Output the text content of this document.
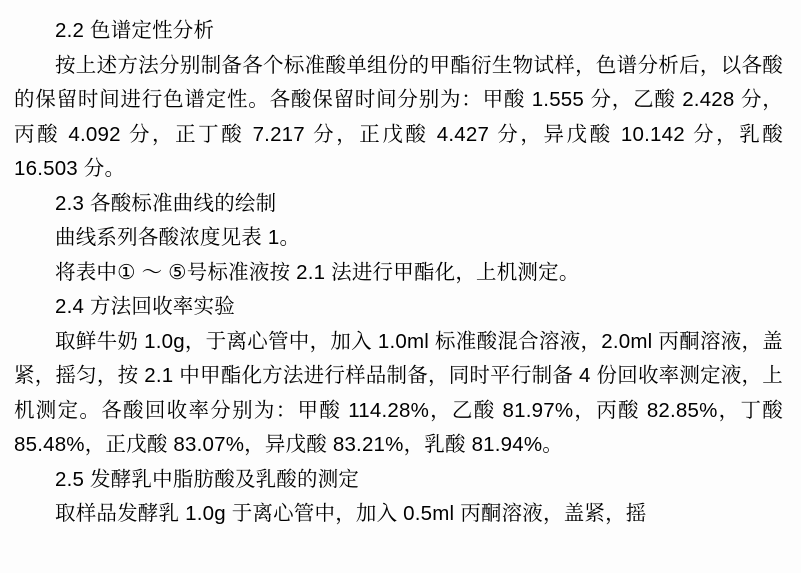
2.2 色谱定性分析

按上述方法分别制备各个标准酸单组份的甲酯衍生物试样，色谱分析后，以各酸的保留时间进行色谱定性。各酸保留时间分别为：甲酸 1.555 分，乙酸 2.428 分，丙酸 4.092 分，正丁酸 7.217 分，正戊酸 4.427 分，异戊酸 10.142 分，乳酸 16.503 分。

2.3 各酸标准曲线的绘制

曲线系列各酸浓度见表 1。

将表中① ～ ⑤号标准液按 2.1 法进行甲酯化，上机测定。

2.4 方法回收率实验

取鲜牛奶 1.0g，于离心管中，加入 1.0ml 标准酸混合溶液，2.0ml 丙酮溶液，盖紧，摇匀，按 2.1 中甲酯化方法进行样品制备，同时平行制备 4 份回收率测定液，上机测定。各酸回收率分别为：甲酸 114.28%，乙酸 81.97%，丙酸 82.85%，丁酸 85.48%，正戊酸 83.07%，异戊酸 83.21%，乳酸 81.94%。

2.5 发酵乳中脂肪酸及乳酸的测定

取样品发酵乳 1.0g 于离心管中，加入 0.5ml 丙酮溶液，盖紧，摇
